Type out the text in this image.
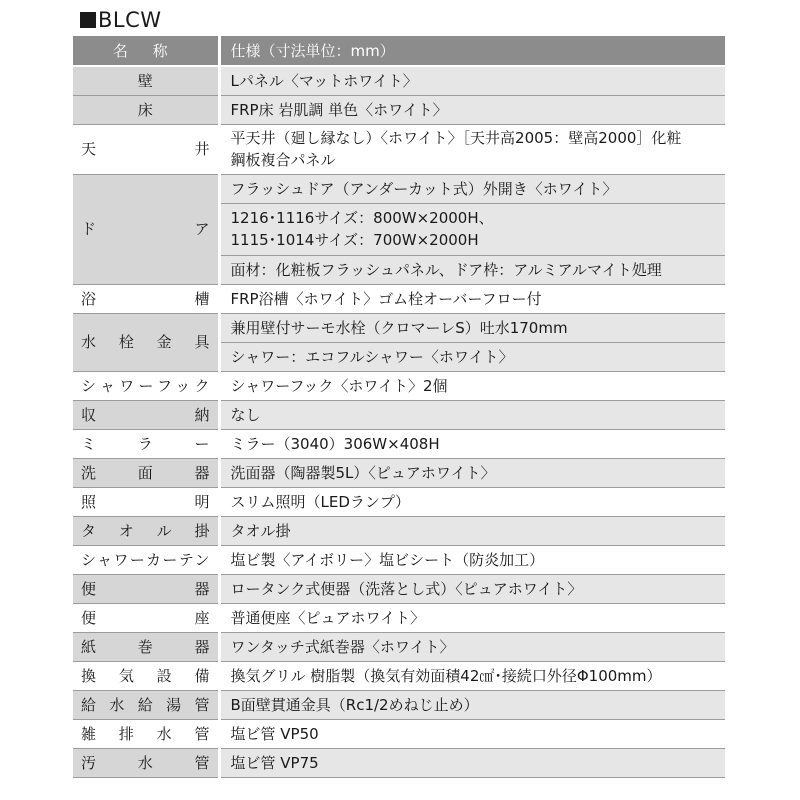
BLCW
名 称	仕様（寸法単位：mm）
壁	Lパネル〈マットホワイト〉
床	FRP床 岩肌調 単色〈ホワイト〉
天 井	平天井（廻し縁なし）〈ホワイト〉［天井高2005：壁高2000］化粧
鋼板複合パネル

ド ア	フラッシュドア（アンダーカット式）外開き〈ホワイト〉

	1216･1116サイズ：800W×2000H、
1115･1014サイズ：700W×2000H

	面材：化粧板フラッシュパネル、ドア枠：アルミアルマイト処理
浴 槽	FRP浴槽〈ホワイト〉ゴム栓オーバーフロー付
水 栓 金 具	兼用壁付サーモ水栓（クロマーレS）吐水170mm
	シャワー：エコフルシャワー〈ホワイト〉
シャワーフック	シャワーフック〈ホワイト〉2個
収 納	なし
ミ ラ ー	ミラー（3040）306W×408H
洗 面 器	洗面器（陶器製5L）〈ピュアホワイト〉
照 明	スリム照明（LEDランプ）
タ オ ル 掛	タオル掛
シャワーカーテン	塩ビ製〈アイボリー〉塩ビシート（防炎加工）
便 器	ロータンク式便器（洗落とし式）〈ピュアホワイト〉
便 座	普通便座〈ピュアホワイト〉
紙 巻 器	ワンタッチ式紙巻器〈ホワイト〉
換 気 設 備	換気グリル 樹脂製（換気有効面積42㎠･接続口外径Φ100mm）
給 水 給 湯 管	B面壁貫通金具（Rc1/2めねじ止め）
雑 排 水 管	塩ビ管 VP50
汚 水 管	塩ビ管 VP75
